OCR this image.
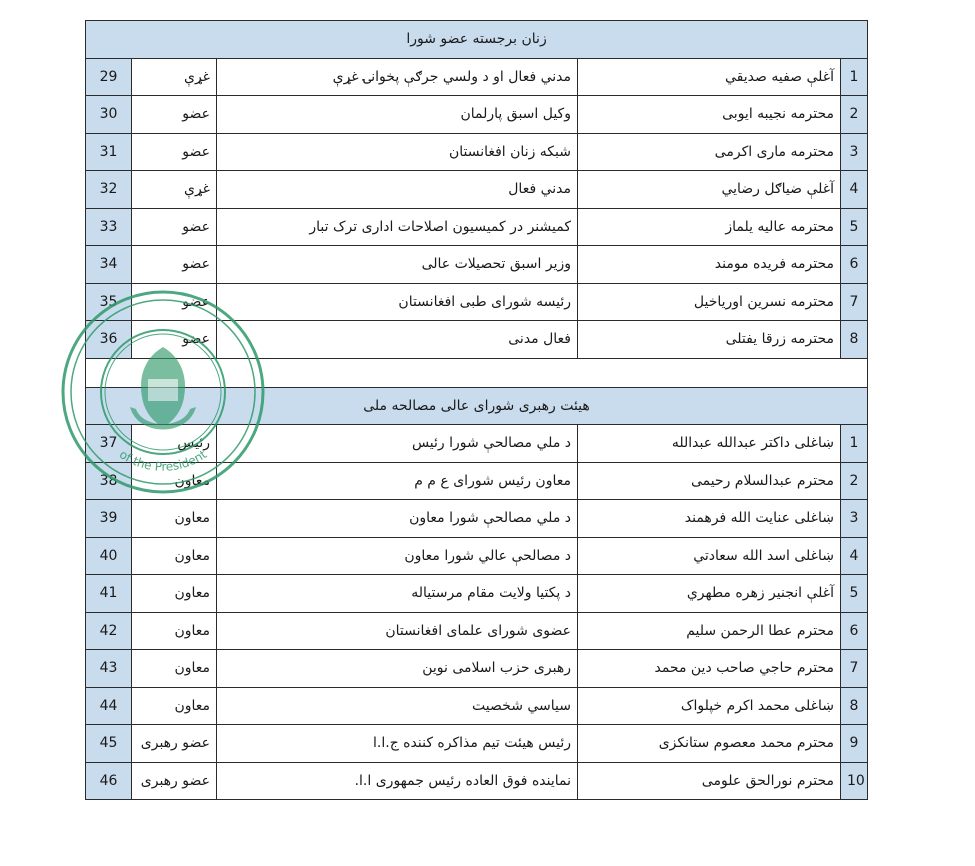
زنان برجسته عضو شورا				
29	غړې	مدني فعال او د ولسي جرګې پخوانۍ غړې	آغلې صفیه صدیقي	1
30	عضو	وکیل اسبق پارلمان	محترمه نجیبه ایوبی	2
31	عضو	شبکه زنان افغانستان	محترمه ماری اکرمی	3
32	غړې	مدني فعال	آغلې ضیاګل رضایي	4
33	عضو	کمیشنر در کمیسیون اصلاحات اداری ترک تبار	محترمه عالیه یلماز	5
34	عضو	وزیر اسبق تحصیلات عالی	محترمه فریده مومند	6
35	عضو	رئیسه شورای طبی افغانستان	محترمه نسرین اوریاخیل	7
36	عضو	فعال مدنی	محترمه زرقا یفتلی	8

هیئت رهبری شورای عالی مصالحه ملی				
37	رئیس	د ملي مصالحې شورا رئیس	ښاغلی داکتر عبدالله عبدالله	1
38	معاون	معاون رئیس شورای ع م م	محترم عبدالسلام رحیمی	2
39	معاون	د ملي مصالحې شورا معاون	ښاغلی عنایت الله فرهمند	3
40	معاون	د مصالحې عالي شورا معاون	ښاغلی اسد الله سعادتي	4
41	معاون	د پکتیا ولایت مقام مرستیاله	آغلې انجنیر زهره مطهري	5
42	معاون	عضوی شورای علمای افغانستان	محترم عطا الرحمن سلیم	6
43	معاون	رهبری حزب اسلامی نوین	محترم حاجي صاحب دین محمد	7
44	معاون	سیاسي شخصیت	ښاغلی محمد اکرم خپلواک	8
45	عضو رهبری	رئیس هیئت تیم مذاکره کننده ج.ا.ا	محترم محمد معصوم ستانکزی	9
46	عضو رهبری	نماینده فوق العاده رئیس جمهوری ا.ا.	محترم نورالحق علومی	10
of the President
